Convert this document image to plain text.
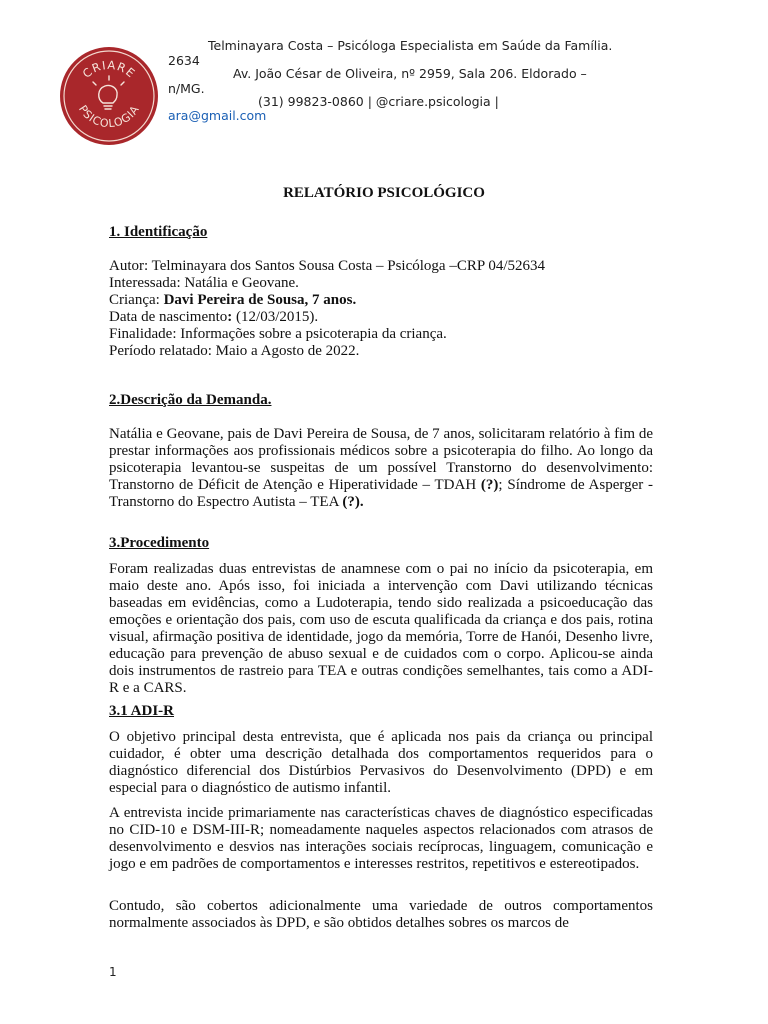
Telminayara Costa – Psicóloga Especialista em Saúde da Família.
2634
Av. João César de Oliveira, nº 2959, Sala 206. Eldorado –
n/MG.
(31) 99823-0860 | @criare.psicologia |
ara@gmail.com
CRIARE
PSICOLOGIA
RELATÓRIO PSICOLÓGICO
1. Identificação
Autor: Telminayara dos Santos Sousa Costa – Psicóloga –CRP 04/52634
Interessada: Natália e Geovane.
Criança: Davi Pereira de Sousa, 7 anos.
Data de nascimento: (12/03/2015).
Finalidade: Informações sobre a psicoterapia da criança.
Período relatado: Maio a Agosto de 2022.
2.Descrição da Demanda.
Natália e Geovane, pais de Davi Pereira de Sousa, de 7 anos, solicitaram relatório à fim de prestar informações aos profissionais médicos sobre a psicoterapia do filho. Ao longo da psicoterapia levantou-se suspeitas de um possível Transtorno do desenvolvimento: Transtorno de Déficit de Atenção e Hiperatividade – TDAH (?); Síndrome de Asperger - Transtorno do Espectro Autista – TEA (?).
3.Procedimento
Foram realizadas duas entrevistas de anamnese com o pai no início da psicoterapia, em maio deste ano. Após isso, foi iniciada a intervenção com Davi utilizando técnicas baseadas em evidências, como a Ludoterapia, tendo sido realizada a psicoeducação das emoções e orientação dos pais, com uso de escuta qualificada da criança e dos pais, rotina visual, afirmação positiva de identidade, jogo da memória, Torre de Hanói, Desenho livre, educação para prevenção de abuso sexual e de cuidados com o corpo. Aplicou-se ainda dois instrumentos de rastreio para TEA e outras condições semelhantes, tais como a ADI-R e a CARS.
3.1 ADI-R
O objetivo principal desta entrevista, que é aplicada nos pais da criança ou principal cuidador, é obter uma descrição detalhada dos comportamentos requeridos para o diagnóstico diferencial dos Distúrbios Pervasivos do Desenvolvimento (DPD) e em especial para o diagnóstico de autismo infantil.
A entrevista incide primariamente nas características chaves de diagnóstico especificadas no CID-10 e DSM-III-R; nomeadamente naqueles aspectos relacionados com atrasos de desenvolvimento e desvios nas interações sociais recíprocas, linguagem, comunicação e jogo e em padrões de comportamentos e interesses restritos, repetitivos e estereotipados.
Contudo, são cobertos adicionalmente uma variedade de outros comportamentos normalmente associados às DPD, e são obtidos detalhes sobres os marcos de
1
